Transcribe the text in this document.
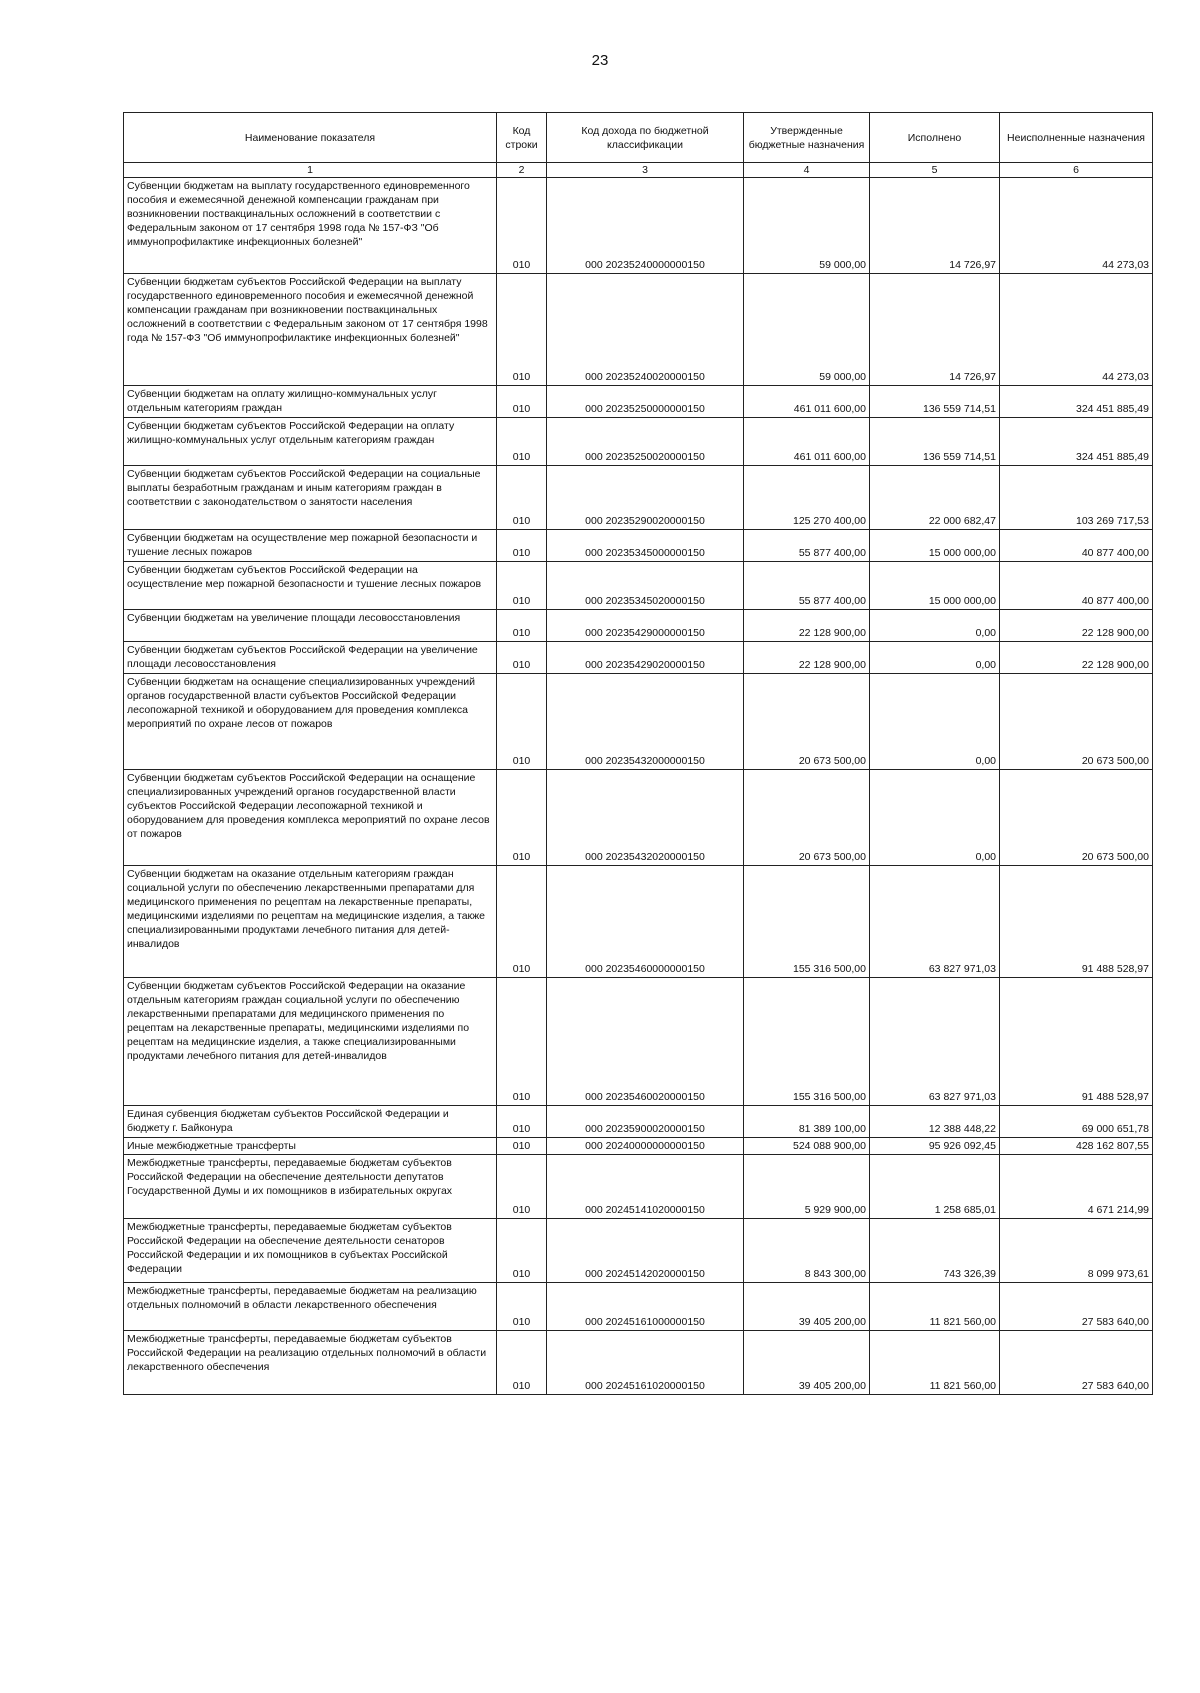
23
Наименование показателя	Код строки	Код дохода по бюджетной классификации	Утвержденные бюджетные назначения	Исполнено	Неисполненные назначения
1	2	3	4	5	6
Субвенции бюджетам на выплату государственного единовременного пособия и ежемесячной денежной компенсации гражданам при возникновении поствакцинальных осложнений в соответствии с Федеральным законом от 17 сентября 1998 года № 157-ФЗ "Об иммунопрофилактике инфекционных болезней"	010	000 20235240000000150	59 000,00	14 726,97	44 273,03
Субвенции бюджетам субъектов Российской Федерации на выплату государственного единовременного пособия и ежемесячной денежной компенсации гражданам при возникновении поствакцинальных осложнений в соответствии с Федеральным законом от 17 сентября 1998 года № 157-ФЗ "Об иммунопрофилактике инфекционных болезней"	010	000 20235240020000150	59 000,00	14 726,97	44 273,03
Субвенции бюджетам на оплату жилищно-коммунальных услуг отдельным категориям граждан	010	000 20235250000000150	461 011 600,00	136 559 714,51	324 451 885,49
Субвенции бюджетам субъектов Российской Федерации на оплату жилищно-коммунальных услуг отдельным категориям граждан	010	000 20235250020000150	461 011 600,00	136 559 714,51	324 451 885,49
Субвенции бюджетам субъектов Российской Федерации на социальные выплаты безработным гражданам и иным категориям граждан в соответствии с законодательством о занятости населения	010	000 20235290020000150	125 270 400,00	22 000 682,47	103 269 717,53
Субвенции бюджетам на осуществление мер пожарной безопасности и тушение лесных пожаров	010	000 20235345000000150	55 877 400,00	15 000 000,00	40 877 400,00
Субвенции бюджетам субъектов Российской Федерации на осуществление мер пожарной безопасности и тушение лесных пожаров	010	000 20235345020000150	55 877 400,00	15 000 000,00	40 877 400,00
Субвенции бюджетам на увеличение площади лесовосстановления	010	000 20235429000000150	22 128 900,00	0,00	22 128 900,00
Субвенции бюджетам субъектов Российской Федерации на увеличение площади лесовосстановления	010	000 20235429020000150	22 128 900,00	0,00	22 128 900,00
Субвенции бюджетам на оснащение специализированных учреждений органов государственной власти субъектов Российской Федерации лесопожарной техникой и оборудованием для проведения комплекса мероприятий по охране лесов от пожаров	010	000 20235432000000150	20 673 500,00	0,00	20 673 500,00
Субвенции бюджетам субъектов Российской Федерации на оснащение специализированных учреждений органов государственной власти субъектов Российской Федерации лесопожарной техникой и оборудованием для проведения комплекса мероприятий по охране лесов от пожаров	010	000 20235432020000150	20 673 500,00	0,00	20 673 500,00
Субвенции бюджетам на оказание отдельным категориям граждан социальной услуги по обеспечению лекарственными препаратами для медицинского применения по рецептам на лекарственные препараты, медицинскими изделиями по рецептам на медицинские изделия, а также специализированными продуктами лечебного питания для детей-инвалидов	010	000 20235460000000150	155 316 500,00	63 827 971,03	91 488 528,97
Субвенции бюджетам субъектов Российской Федерации на оказание отдельным категориям граждан социальной услуги по обеспечению лекарственными препаратами для медицинского применения по рецептам на лекарственные препараты, медицинскими изделиями по рецептам на медицинские изделия, а также специализированными продуктами лечебного питания для детей-инвалидов	010	000 20235460020000150	155 316 500,00	63 827 971,03	91 488 528,97
Единая субвенция бюджетам субъектов Российской Федерации и бюджету г. Байконура	010	000 20235900020000150	81 389 100,00	12 388 448,22	69 000 651,78
Иные межбюджетные трансферты	010	000 20240000000000150	524 088 900,00	95 926 092,45	428 162 807,55
Межбюджетные трансферты, передаваемые бюджетам субъектов Российской Федерации на обеспечение деятельности депутатов Государственной Думы и их помощников в избирательных округах	010	000 20245141020000150	5 929 900,00	1 258 685,01	4 671 214,99
Межбюджетные трансферты, передаваемые бюджетам субъектов Российской Федерации на обеспечение деятельности сенаторов Российской Федерации и их помощников в субъектах Российской Федерации	010	000 20245142020000150	8 843 300,00	743 326,39	8 099 973,61
Межбюджетные трансферты, передаваемые бюджетам на реализацию отдельных полномочий в области лекарственного обеспечения	010	000 20245161000000150	39 405 200,00	11 821 560,00	27 583 640,00
Межбюджетные трансферты, передаваемые бюджетам субъектов Российской Федерации на реализацию отдельных полномочий в области лекарственного обеспечения	010	000 20245161020000150	39 405 200,00	11 821 560,00	27 583 640,00
